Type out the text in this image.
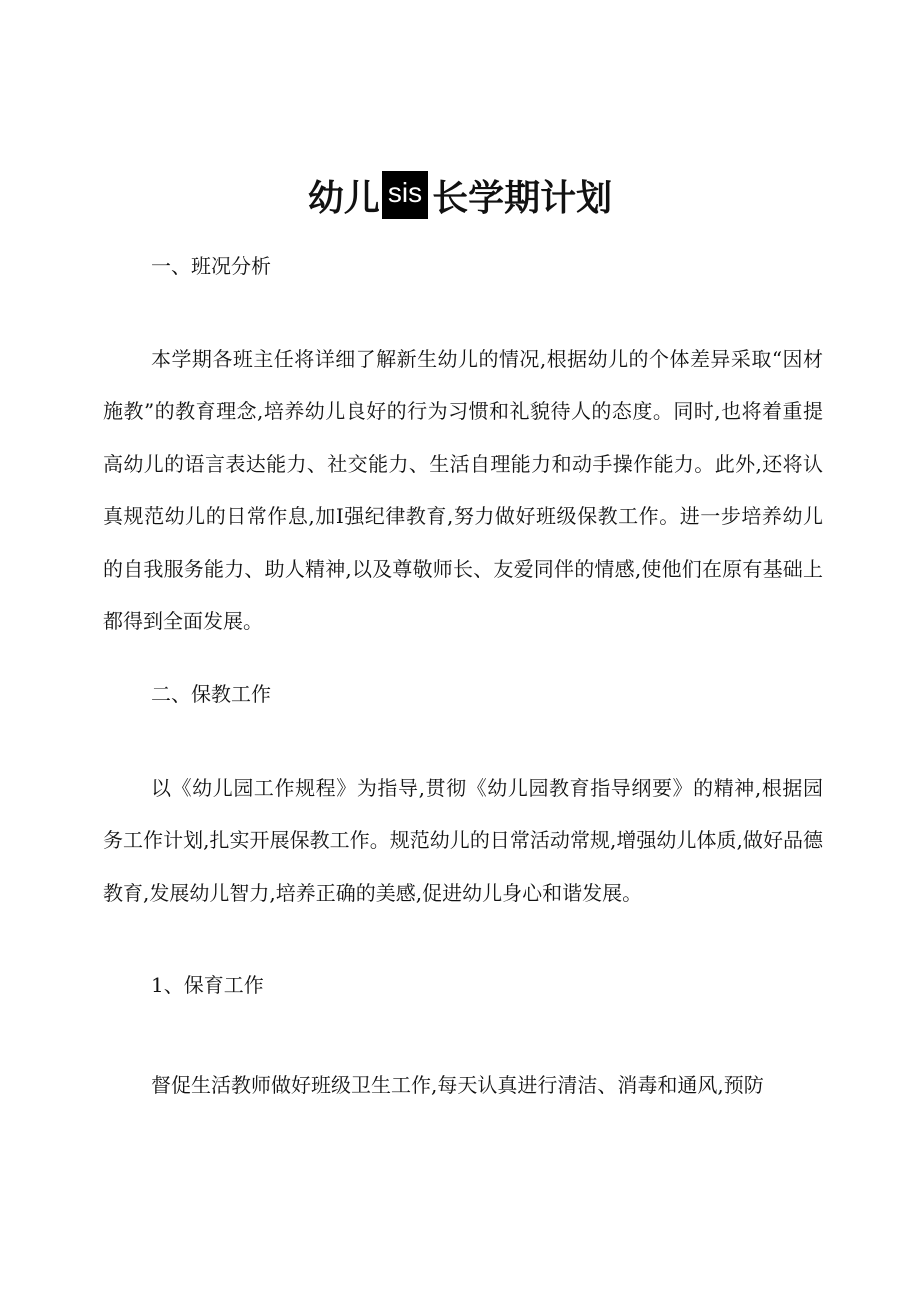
幼儿 sis 长学期计划
一、班况分析
本学期各班主任将详细了解新生幼儿的情况,根据幼儿的个体差异采取“因材施教”的教育理念,培养幼儿良好的行为习惯和礼貌待人的态度。同时,也将着重提高幼儿的语言表达能力、社交能力、生活自理能力和动手操作能力。此外,还将认真规范幼儿的日常作息,加I强纪律教育,努力做好班级保教工作。进一步培养幼儿的自我服务能力、助人精神,以及尊敬师长、友爱同伴的情感,使他们在原有基础上都得到全面发展。
二、保教工作
以《幼儿园工作规程》为指导,贯彻《幼儿园教育指导纲要》的精神,根据园务工作计划,扎实开展保教工作。规范幼儿的日常活动常规,增强幼儿体质,做好品德教育,发展幼儿智力,培养正确的美感,促进幼儿身心和谐发展。
1、保育工作
督促生活教师做好班级卫生工作,每天认真进行清洁、消毒和通风,预防
